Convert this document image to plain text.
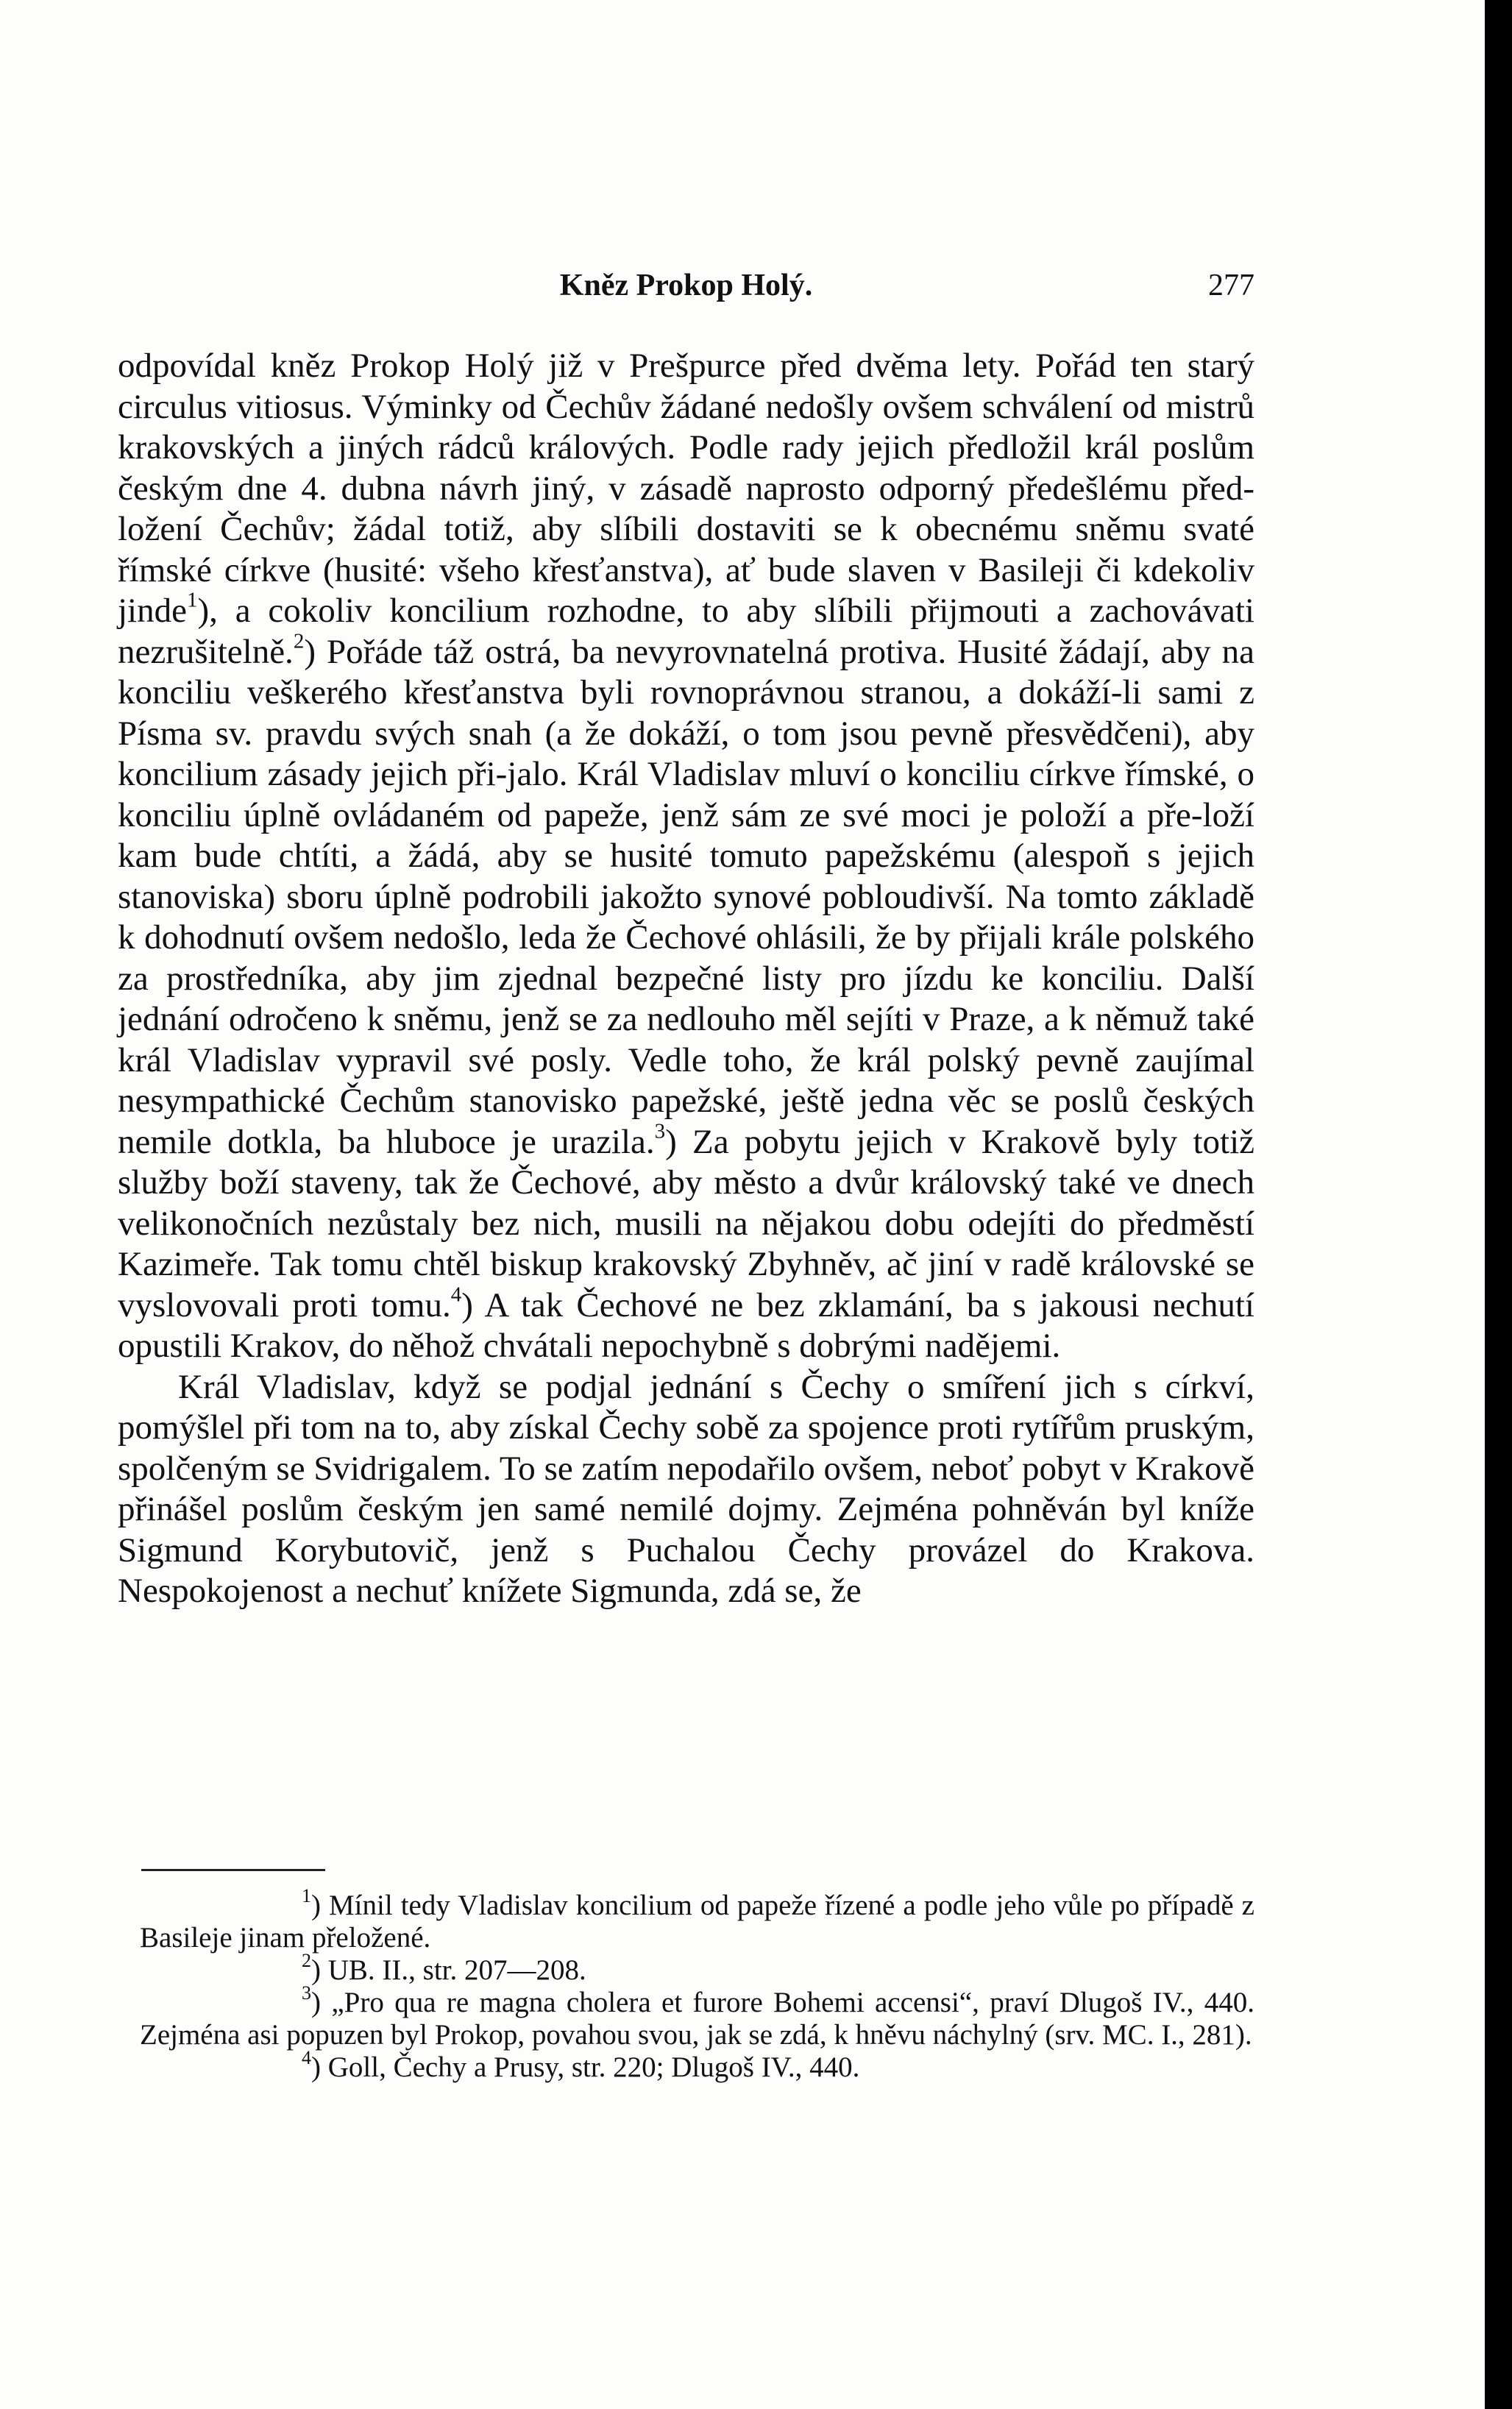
Kněz Prokop Holý.	277

odpovídal kněz Prokop Holý již v Prešpurce před dvěma lety. Pořád ten starý circulus vitiosus. Výminky od Čechův žádané nedošly ovšem schválení od mistrů krakovských a jiných rádců králových. Podle rady jejich předložil král poslům českým dne 4. dubna návrh jiný, v zásadě naprosto odporný předešlému před-ložení Čechův; žádal totiž, aby slíbili dostaviti se k obecnému sněmu svaté římské církve (husité: všeho křesťanstva), ať bude slaven v Basileji či kdekoliv jinde$^1$), a cokoliv koncilium rozhodne, to aby slíbili přijmouti a zachovávati nezrušitelně.$^2$) Pořáde táž ostrá, ba nevyrovnatelná protiva. Husité žádají, aby na konciliu veškerého křesťanstva byli rovnoprávnou stranou, a dokáží-li sami z Písma sv. pravdu svých snah (a že dokáží, o tom jsou pevně přesvědčeni), aby koncilium zásady jejich při-jalo. Král Vladislav mluví o konciliu církve římské, o konciliu úplně ovládaném od papeže, jenž sám ze své moci je položí a pře-loží kam bude chtíti, a žádá, aby se husité tomuto papežskému (alespoň s jejich stanoviska) sboru úplně podrobili jakožto synové pobloudivší. Na tomto základě k dohodnutí ovšem nedošlo, leda že Čechové ohlásili, že by přijali krále polského za prostředníka, aby jim zjednal bezpečné listy pro jízdu ke konciliu. Další jednání odročeno k sněmu, jenž se za nedlouho měl sejíti v Praze, a k němuž také král Vladislav vypravil své posly. Vedle toho, že král polský pevně zaujímal nesympathické Čechům stanovisko papežské, ještě jedna věc se poslů českých nemile dotkla, ba hluboce je urazila.$^3$) Za pobytu jejich v Krakově byly totiž služby boží staveny, tak že Čechové, aby město a dvůr královský také ve dnech velikonočních nezůstaly bez nich, musili na nějakou dobu odejíti do předměstí Kazimeře. Tak tomu chtěl biskup krakovský Zbyhněv, ač jiní v radě královské se vyslovovali proti tomu.$^4$) A tak Čechové ne bez zklamání, ba s jakousi nechutí opustili Krakov, do něhož chvátali nepochybně s dobrými nadějemi.

Král Vladislav, když se podjal jednání s Čechy o smíření jich s církví, pomýšlel při tom na to, aby získal Čechy sobě za spojence proti rytířům pruským, spolčeným se Svidrigalem. To se zatím nepodařilo ovšem, neboť pobyt v Krakově přinášel poslům českým jen samé nemilé dojmy. Zejména pohněván byl kníže Sigmund Korybutovič, jenž s Puchalou Čechy provázel do Krakova. Nespokojenost a nechuť knížete Sigmunda, zdá se, že

$^1$) Mínil tedy Vladislav koncilium od papeže řízené a podle jeho vůle po případě z Basileje jinam přeložené.

$^2$) UB. II., str. 207—208.

$^3$) „Pro qua re magna cholera et furore Bohemi accensi“, praví Dlugoš IV., 440. Zejména asi popuzen byl Prokop, povahou svou, jak se zdá, k hněvu náchylný (srv. MC. I., 281).

$^4$) Goll, Čechy a Prusy, str. 220; Dlugoš IV., 440.
